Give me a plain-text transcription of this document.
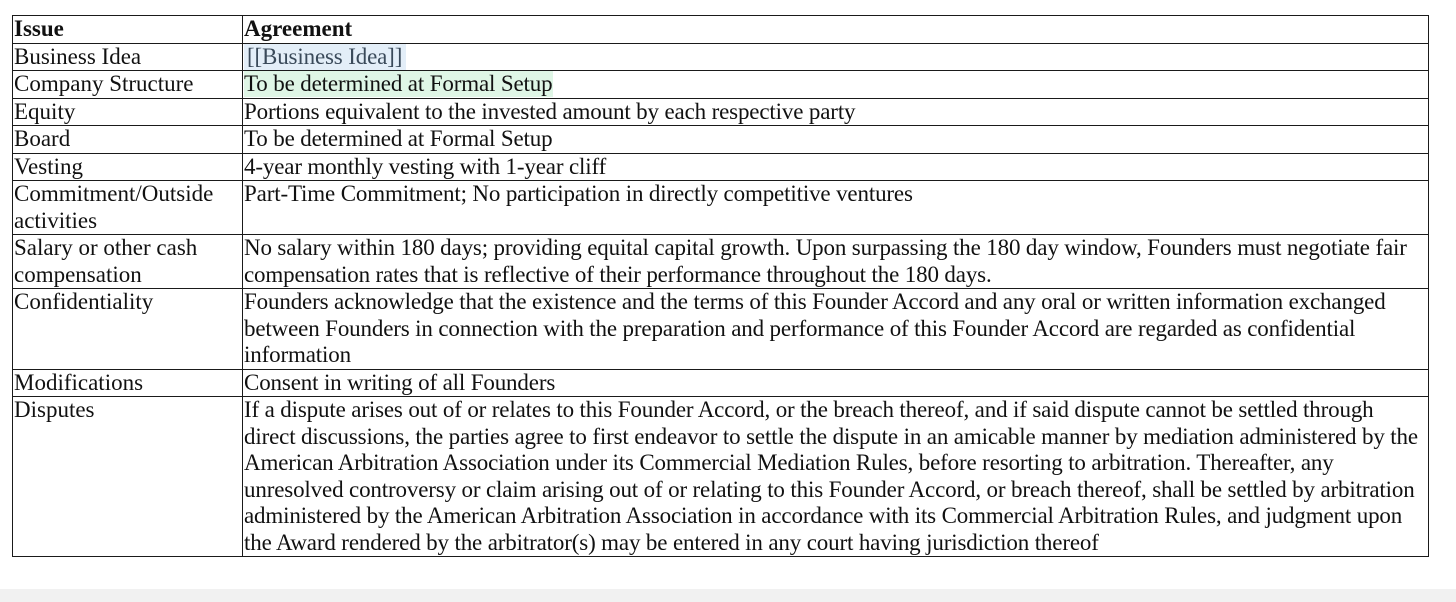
Issue	Agreement
Business Idea	[[Business Idea]]
Company Structure	To be determined at Formal Setup
Equity	Portions equivalent to the invested amount by each respective party
Board	To be determined at Formal Setup
Vesting	4-year monthly vesting with 1-year cliff
Commitment/Outside activities	Part-Time Commitment; No participation in directly competitive ventures
Salary or other cash compensation	No salary within 180 days; providing equital capital growth. Upon surpassing the 180 day window, Founders must negotiate fair compensation rates that is reflective of their performance throughout the 180 days.
Confidentiality	Founders acknowledge that the existence and the terms of this Founder Accord and any oral or written information exchanged between Founders in connection with the preparation and performance of this Founder Accord are regarded as confidential information
Modifications	Consent in writing of all Founders
Disputes	If a dispute arises out of or relates to this Founder Accord, or the breach thereof, and if said dispute cannot be settled through direct discussions, the parties agree to first endeavor to settle the dispute in an amicable manner by mediation administered by the American Arbitration Association under its Commercial Mediation Rules, before resorting to arbitration. Thereafter, any unresolved controversy or claim arising out of or relating to this Founder Accord, or breach thereof, shall be settled by arbitration administered by the American Arbitration Association in accordance with its Commercial Arbitration Rules, and judgment upon the Award rendered by the arbitrator(s) may be entered in any court having jurisdiction thereof
